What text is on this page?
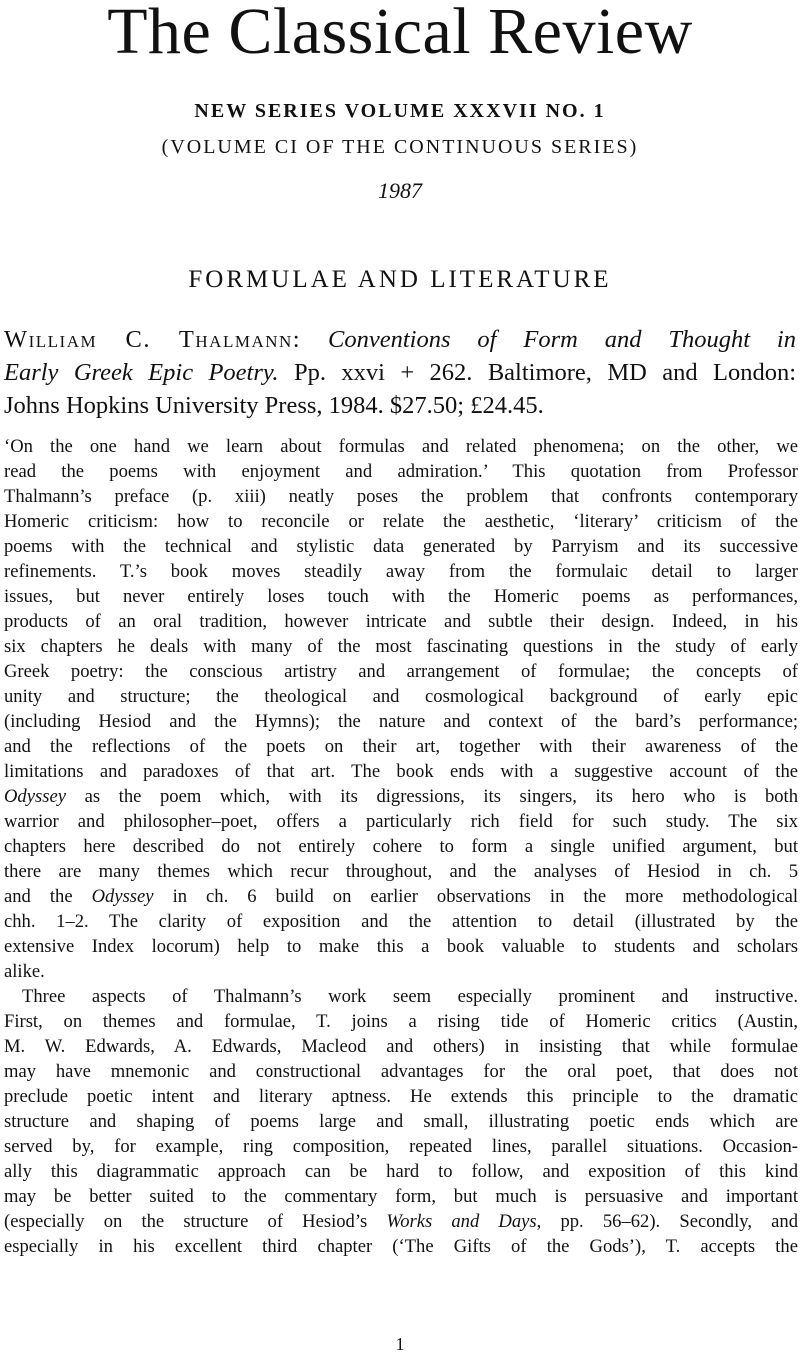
The Classical Review
NEW SERIES VOLUME XXXVII NO. 1
(VOLUME CI OF THE CONTINUOUS SERIES)
1987
FORMULAE AND LITERATURE
William C. Thalmann: Conventions of Form and Thought in
Early Greek Epic Poetry. Pp. xxvi + 262. Baltimore, MD and London:
Johns Hopkins University Press, 1984. $27.50; £24.45.
‘On the one hand we learn about formulas and related phenomena; on the other, we
read the poems with enjoyment and admiration.’ This quotation from Professor
Thalmann’s preface (p. xiii) neatly poses the problem that confronts contemporary
Homeric criticism: how to reconcile or relate the aesthetic, ‘literary’ criticism of the
poems with the technical and stylistic data generated by Parryism and its successive
refinements. T.’s book moves steadily away from the formulaic detail to larger
issues, but never entirely loses touch with the Homeric poems as performances,
products of an oral tradition, however intricate and subtle their design. Indeed, in his
six chapters he deals with many of the most fascinating questions in the study of early
Greek poetry: the conscious artistry and arrangement of formulae; the concepts of
unity and structure; the theological and cosmological background of early epic
(including Hesiod and the Hymns); the nature and context of the bard’s performance;
and the reflections of the poets on their art, together with their awareness of the
limitations and paradoxes of that art. The book ends with a suggestive account of the
Odyssey as the poem which, with its digressions, its singers, its hero who is both
warrior and philosopher–poet, offers a particularly rich field for such study. The six
chapters here described do not entirely cohere to form a single unified argument, but
there are many themes which recur throughout, and the analyses of Hesiod in ch. 5
and the Odyssey in ch. 6 build on earlier observations in the more methodological
chh. 1–2. The clarity of exposition and the attention to detail (illustrated by the
extensive Index locorum) help to make this a book valuable to students and scholars
alike.
Three aspects of Thalmann’s work seem especially prominent and instructive.
First, on themes and formulae, T. joins a rising tide of Homeric critics (Austin,
M. W. Edwards, A. Edwards, Macleod and others) in insisting that while formulae
may have mnemonic and constructional advantages for the oral poet, that does not
preclude poetic intent and literary aptness. He extends this principle to the dramatic
structure and shaping of poems large and small, illustrating poetic ends which are
served by, for example, ring composition, repeated lines, parallel situations. Occasion-
ally this diagrammatic approach can be hard to follow, and exposition of this kind
may be better suited to the commentary form, but much is persuasive and important
(especially on the structure of Hesiod’s Works and Days, pp. 56–62). Secondly, and
especially in his excellent third chapter (‘The Gifts of the Gods’), T. accepts the
1
